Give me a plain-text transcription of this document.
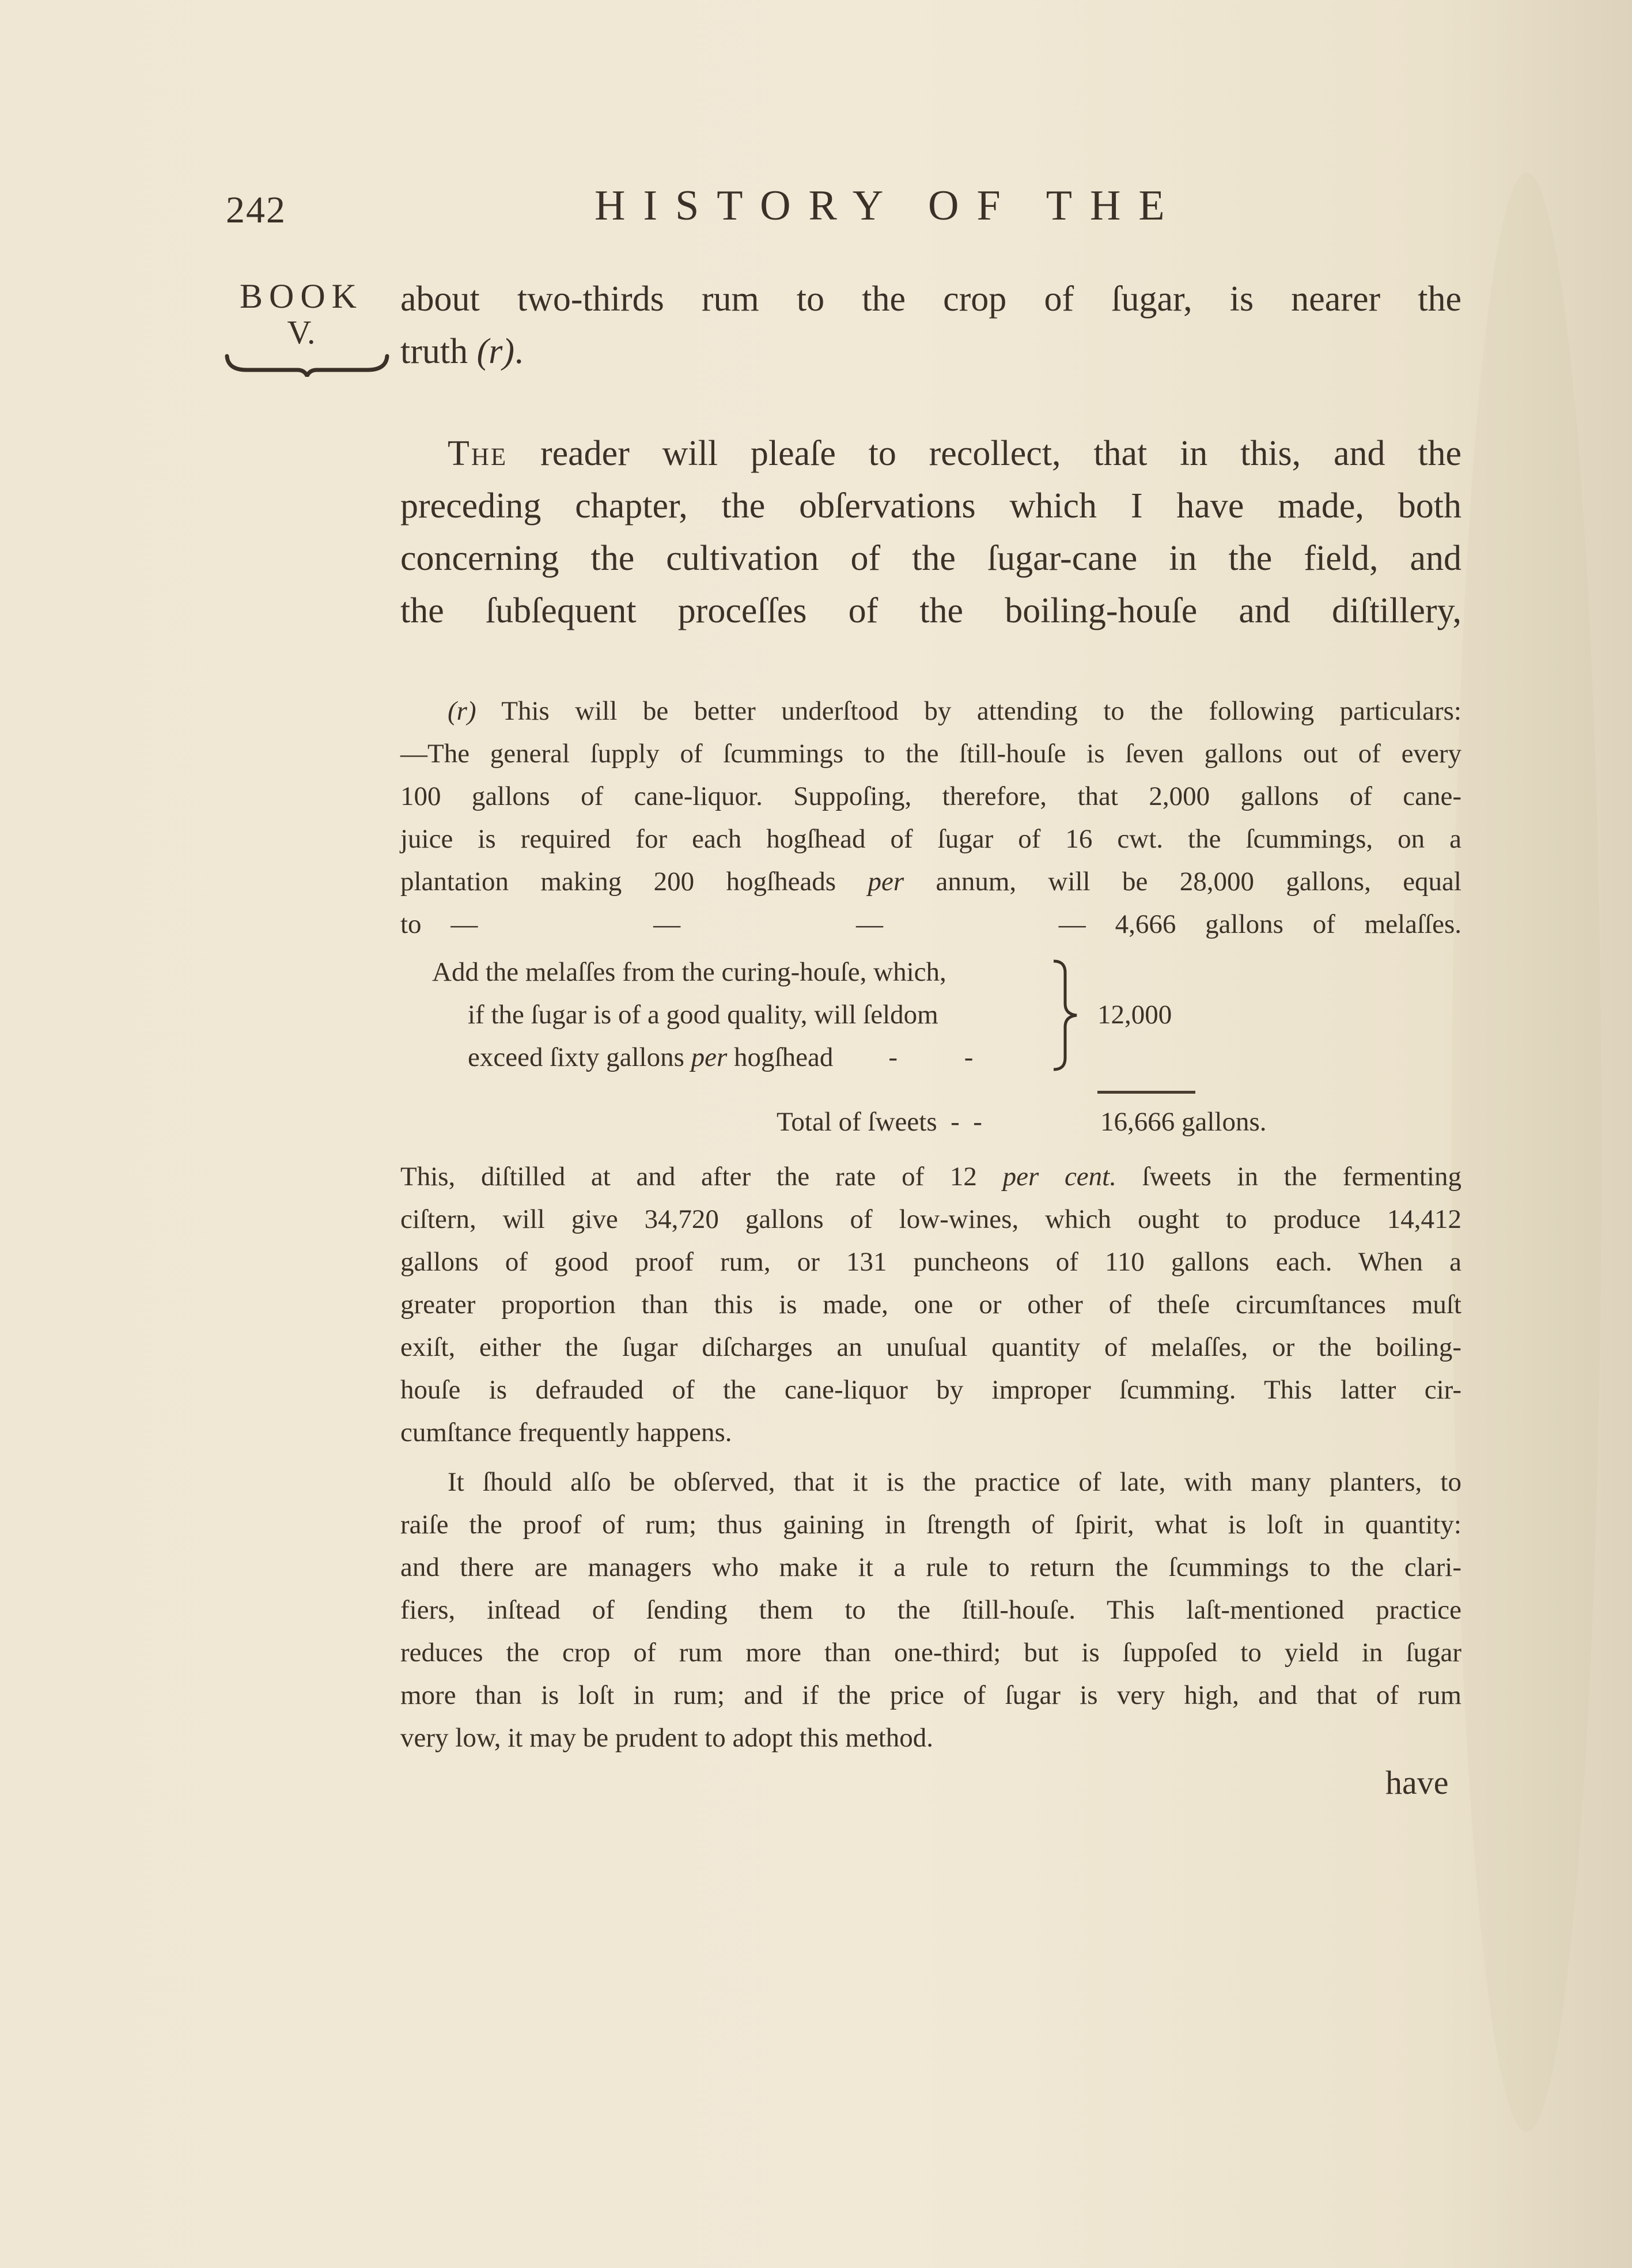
242	HISTORY OF THE
BOOK
V.
about two-thirds rum to the crop of ſugar, is nearer the
truth (r).
The reader will pleaſe to recollect, that in this, and the
preceding chapter, the obſervations which I have made, both
concerning the cultivation of the ſugar-cane in the field, and
the ſubſequent proceſſes of the boiling-houſe and diſtillery,
(r) This will be better underſtood by attending to the following particulars:
—The general ſupply of ſcummings to the ſtill-houſe is ſeven gallons out of every
100 gallons of cane-liquor. Suppoſing, therefore, that 2,000 gallons of cane-
juice is required for each hogſhead of ſugar of 16 cwt. the ſcummings, on a
plantation making 200 hogſheads per annum, will be 28,000 gallons, equal
to —      —      —      — 4,666 gallons of melaſſes.
Add the melaſſes from the curing-houſe, which,
if the ſugar is of a good quality, will ſeldom
exceed ſixty gallons per hogſhead - -
12,000
Total of ſweets  -  -	16,666 gallons.
This, diſtilled at and after the rate of 12 per cent. ſweets in the fermenting
ciſtern, will give 34,720 gallons of low-wines, which ought to produce 14,412
gallons of good proof rum, or 131 puncheons of 110 gallons each. When a
greater proportion than this is made, one or other of theſe circumſtances muſt
exiſt, either the ſugar diſcharges an unuſual quantity of melaſſes, or the boiling-
houſe is defrauded of the cane-liquor by improper ſcumming. This latter cir-
cumſtance frequently happens.
It ſhould alſo be obſerved, that it is the practice of late, with many planters, to
raiſe the proof of rum; thus gaining in ſtrength of ſpirit, what is loſt in quantity:
and there are managers who make it a rule to return the ſcummings to the clari-
fiers, inſtead of ſending them to the ſtill-houſe. This laſt-mentioned practice
reduces the crop of rum more than one-third; but is ſuppoſed to yield in ſugar
more than is loſt in rum; and if the price of ſugar is very high, and that of rum
very low, it may be prudent to adopt this method.
have
